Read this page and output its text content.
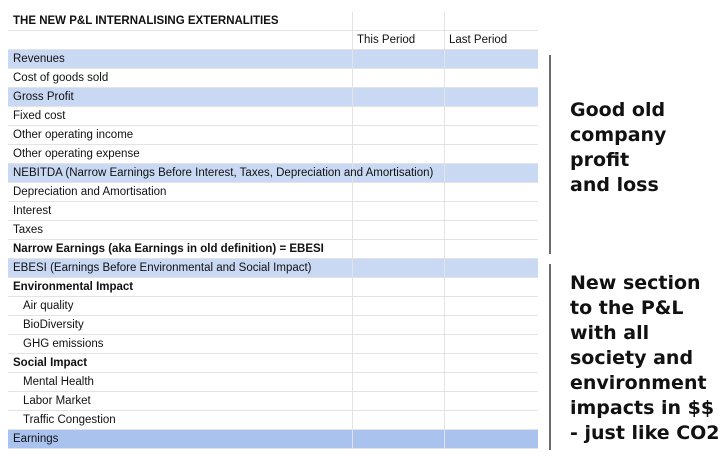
THE NEW P&L INTERNALISING EXTERNALITIES
This Period	Last Period
Revenues
Cost of goods sold
Gross Profit
Fixed cost
Other operating income
Other operating expense
NEBITDA (Narrow Earnings Before Interest, Taxes, Depreciation and Amortisation)
Depreciation and Amortisation
Interest
Taxes
Narrow Earnings (aka Earnings in old definition) = EBESI
EBESI (Earnings Before Environmental and Social Impact)
Environmental Impact
Air quality
BioDiversity
GHG emissions
Social Impact
Mental Health
Labor Market
Traffic Congestion
Earnings
Good old
company
profit
and loss
New section
to the P&L
with all
society and
environment
impacts in $$
- just like CO2
